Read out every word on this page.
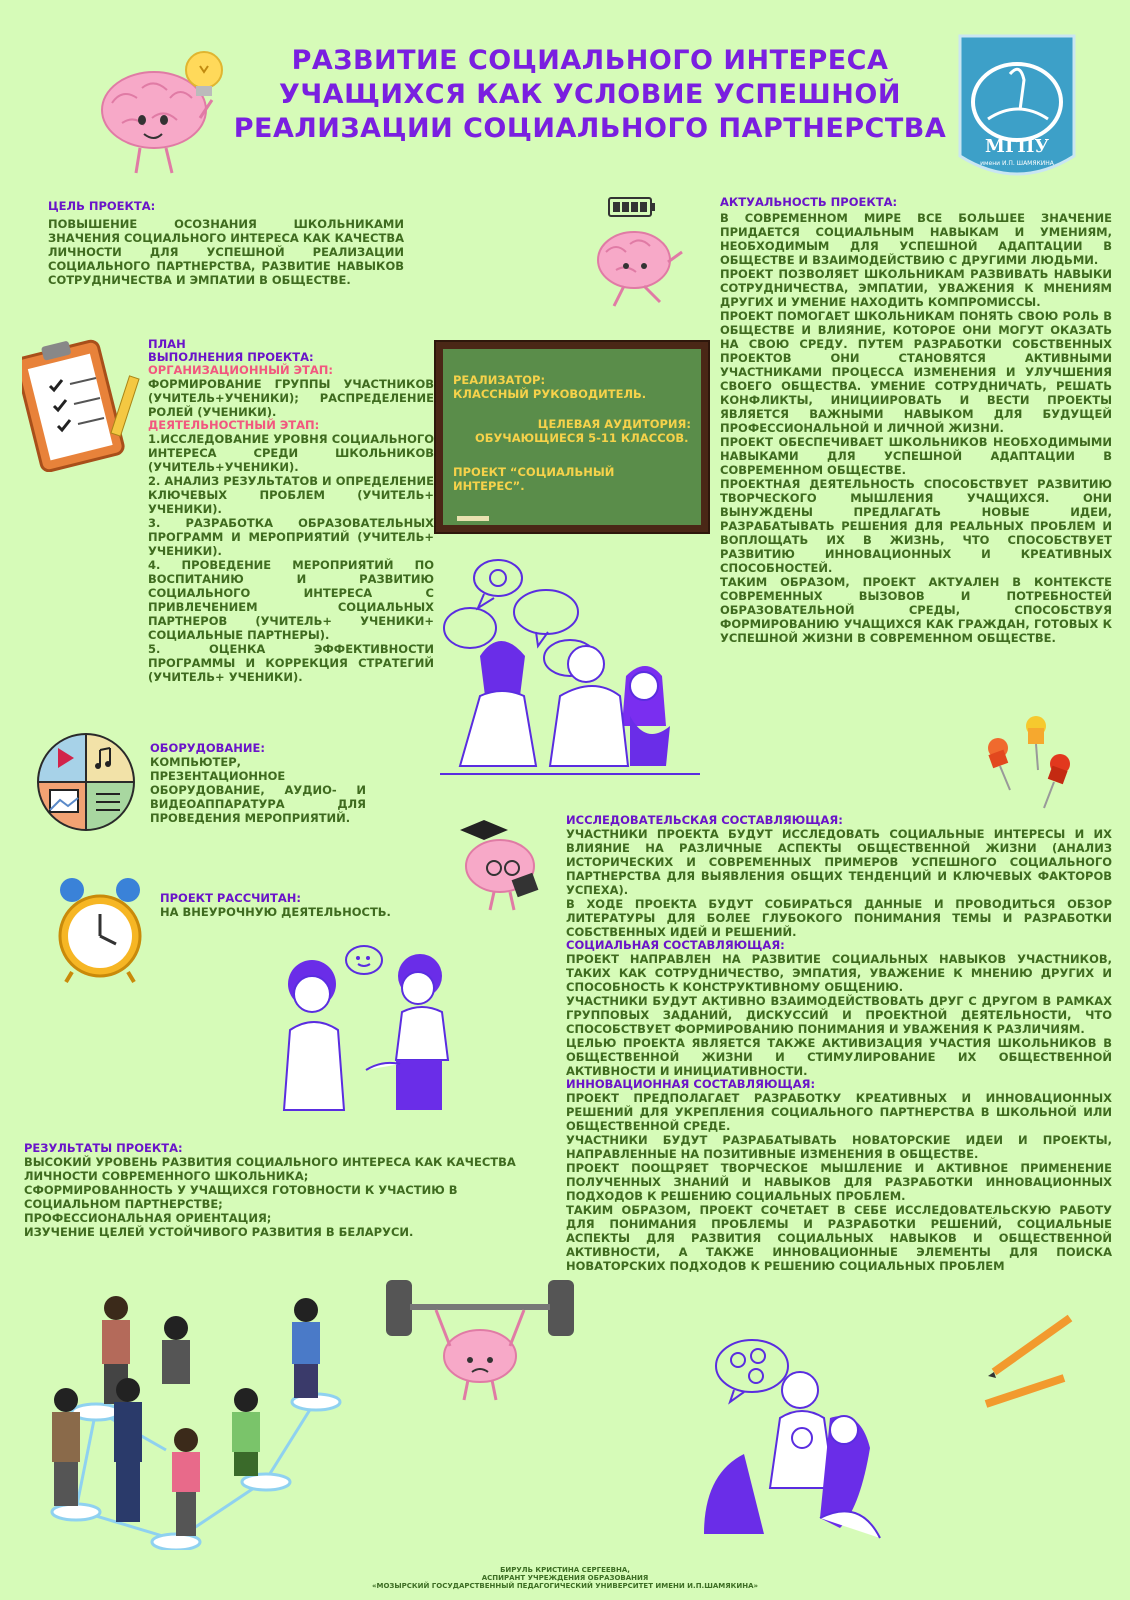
РАЗВИТИЕ СОЦИАЛЬНОГО ИНТЕРЕСА
УЧАЩИХСЯ КАК УСЛОВИЕ УСПЕШНОЙ
РЕАЛИЗАЦИИ СОЦИАЛЬНОГО ПАРТНЕРСТВА
МГПУ
имени И.П. ШАМЯКИНА
ЦЕЛЬ ПРОЕКТА:
ПОВЫШЕНИЕ ОСОЗНАНИЯ ШКОЛЬНИКАМИ ЗНАЧЕНИЯ СОЦИАЛЬНОГО ИНТЕРЕСА КАК КАЧЕСТВА ЛИЧНОСТИ ДЛЯ УСПЕШНОЙ РЕАЛИЗАЦИИ СОЦИАЛЬНОГО ПАРТНЕРСТВА, РАЗВИТИЕ НАВЫКОВ СОТРУДНИЧЕСТВА И ЭМПАТИИ В ОБЩЕСТВЕ.
АКТУАЛЬНОСТЬ ПРОЕКТА:

В СОВРЕМЕННОМ МИРЕ ВСЕ БОЛЬШЕЕ ЗНАЧЕНИЕ ПРИДАЕТСЯ СОЦИАЛЬНЫМ НАВЫКАМ И УМЕНИЯМ, НЕОБХОДИМЫМ ДЛЯ УСПЕШНОЙ АДАПТАЦИИ В ОБЩЕСТВЕ И ВЗАИМОДЕЙСТВИЮ С ДРУГИМИ ЛЮДЬМИ.

ПРОЕКТ ПОЗВОЛЯЕТ ШКОЛЬНИКАМ РАЗВИВАТЬ НАВЫКИ СОТРУДНИЧЕСТВА, ЭМПАТИИ, УВАЖЕНИЯ К МНЕНИЯМ ДРУГИХ И УМЕНИЕ НАХОДИТЬ КОМПРОМИССЫ.

ПРОЕКТ ПОМОГАЕТ ШКОЛЬНИКАМ ПОНЯТЬ СВОЮ РОЛЬ В ОБЩЕСТВЕ И ВЛИЯНИЕ, КОТОРОЕ ОНИ МОГУТ ОКАЗАТЬ НА СВОЮ СРЕДУ. ПУТЕМ РАЗРАБОТКИ СОБСТВЕННЫХ ПРОЕКТОВ ОНИ СТАНОВЯТСЯ АКТИВНЫМИ УЧАСТНИКАМИ ПРОЦЕССА ИЗМЕНЕНИЯ И УЛУЧШЕНИЯ СВОЕГО ОБЩЕСТВА. УМЕНИЕ СОТРУДНИЧАТЬ, РЕШАТЬ КОНФЛИКТЫ, ИНИЦИИРОВАТЬ И ВЕСТИ ПРОЕКТЫ ЯВЛЯЕТСЯ ВАЖНЫМИ НАВЫКОМ ДЛЯ БУДУЩЕЙ ПРОФЕССИОНАЛЬНОЙ И ЛИЧНОЙ ЖИЗНИ.

ПРОЕКТ ОБЕСПЕЧИВАЕТ ШКОЛЬНИКОВ НЕОБХОДИМЫМИ НАВЫКАМИ ДЛЯ УСПЕШНОЙ АДАПТАЦИИ В СОВРЕМЕННОМ ОБЩЕСТВЕ.

ПРОЕКТНАЯ ДЕЯТЕЛЬНОСТЬ СПОСОБСТВУЕТ РАЗВИТИЮ ТВОРЧЕСКОГО МЫШЛЕНИЯ УЧАЩИХСЯ. ОНИ ВЫНУЖДЕНЫ ПРЕДЛАГАТЬ НОВЫЕ ИДЕИ, РАЗРАБАТЫВАТЬ РЕШЕНИЯ ДЛЯ РЕАЛЬНЫХ ПРОБЛЕМ И ВОПЛОЩАТЬ ИХ В ЖИЗНЬ, ЧТО СПОСОБСТВУЕТ РАЗВИТИЮ ИННОВАЦИОННЫХ И КРЕАТИВНЫХ СПОСОБНОСТЕЙ.

ТАКИМ ОБРАЗОМ, ПРОЕКТ АКТУАЛЕН В КОНТЕКСТЕ СОВРЕМЕННЫХ ВЫЗОВОВ И ПОТРЕБНОСТЕЙ ОБРАЗОВАТЕЛЬНОЙ СРЕДЫ, СПОСОБСТВУЯ ФОРМИРОВАНИЮ УЧАЩИХСЯ КАК ГРАЖДАН, ГОТОВЫХ К УСПЕШНОЙ ЖИЗНИ В СОВРЕМЕННОМ ОБЩЕСТВЕ.

ПЛАН
ВЫПОЛНЕНИЯ ПРОЕКТА:
ОРГАНИЗАЦИОННЫЙ ЭТАП:
ФОРМИРОВАНИЕ ГРУППЫ УЧАСТНИКОВ (УЧИТЕЛЬ+УЧЕНИКИ); РАСПРЕДЕЛЕНИЕ РОЛЕЙ (УЧЕНИКИ).
ДЕЯТЕЛЬНОСТНЫЙ ЭТАП:

1.ИССЛЕДОВАНИЕ УРОВНЯ СОЦИАЛЬНОГО ИНТЕРЕСА СРЕДИ ШКОЛЬНИКОВ (УЧИТЕЛЬ+УЧЕНИКИ).

2. АНАЛИЗ РЕЗУЛЬТАТОВ И ОПРЕДЕЛЕНИЕ КЛЮЧЕВЫХ ПРОБЛЕМ (УЧИТЕЛЬ+ УЧЕНИКИ).

3. РАЗРАБОТКА ОБРАЗОВАТЕЛЬНЫХ ПРОГРАММ И МЕРОПРИЯТИЙ (УЧИТЕЛЬ+ УЧЕНИКИ).

4. ПРОВЕДЕНИЕ МЕРОПРИЯТИЙ ПО ВОСПИТАНИЮ И РАЗВИТИЮ СОЦИАЛЬНОГО ИНТЕРЕСА С ПРИВЛЕЧЕНИЕМ СОЦИАЛЬНЫХ ПАРТНЕРОВ (УЧИТЕЛЬ+ УЧЕНИКИ+ СОЦИАЛЬНЫЕ ПАРТНЕРЫ).

5. ОЦЕНКА ЭФФЕКТИВНОСТИ ПРОГРАММЫ И КОРРЕКЦИЯ СТРАТЕГИЙ (УЧИТЕЛЬ+ УЧЕНИКИ).

РЕАЛИЗАТОР:
КЛАССНЫЙ РУКОВОДИТЕЛЬ.
ЦЕЛЕВАЯ АУДИТОРИЯ:
ОБУЧАЮЩИЕСЯ 5-11 КЛАССОВ.
ПРОЕКТ “СОЦИАЛЬНЫЙ
ИНТЕРЕС”.
ОБОРУДОВАНИЕ:
КОМПЬЮТЕР, ПРЕЗЕНТАЦИОННОЕ ОБОРУДОВАНИЕ, АУДИО- И ВИДЕОАППАРАТУРА ДЛЯ ПРОВЕДЕНИЯ МЕРОПРИЯТИЙ.
ПРОЕКТ РАССЧИТАН:
НА ВНЕУРОЧНУЮ ДЕЯТЕЛЬНОСТЬ.
ИССЛЕДОВАТЕЛЬСКАЯ СОСТАВЛЯЮЩАЯ:

УЧАСТНИКИ ПРОЕКТА БУДУТ ИССЛЕДОВАТЬ СОЦИАЛЬНЫЕ ИНТЕРЕСЫ И ИХ ВЛИЯНИЕ НА РАЗЛИЧНЫЕ АСПЕКТЫ ОБЩЕСТВЕННОЙ ЖИЗНИ (АНАЛИЗ ИСТОРИЧЕСКИХ И СОВРЕМЕННЫХ ПРИМЕРОВ УСПЕШНОГО СОЦИАЛЬНОГО ПАРТНЕРСТВА ДЛЯ ВЫЯВЛЕНИЯ ОБЩИХ ТЕНДЕНЦИЙ И КЛЮЧЕВЫХ ФАКТОРОВ УСПЕХА).

В ХОДЕ ПРОЕКТА БУДУТ СОБИРАТЬСЯ ДАННЫЕ И ПРОВОДИТЬСЯ ОБЗОР ЛИТЕРАТУРЫ ДЛЯ БОЛЕЕ ГЛУБОКОГО ПОНИМАНИЯ ТЕМЫ И РАЗРАБОТКИ СОБСТВЕННЫХ ИДЕЙ И РЕШЕНИЙ.

СОЦИАЛЬНАЯ СОСТАВЛЯЮЩАЯ:

ПРОЕКТ НАПРАВЛЕН НА РАЗВИТИЕ СОЦИАЛЬНЫХ НАВЫКОВ УЧАСТНИКОВ, ТАКИХ КАК СОТРУДНИЧЕСТВО, ЭМПАТИЯ, УВАЖЕНИЕ К МНЕНИЮ ДРУГИХ И СПОСОБНОСТЬ К КОНСТРУКТИВНОМУ ОБЩЕНИЮ.

УЧАСТНИКИ БУДУТ АКТИВНО ВЗАИМОДЕЙСТВОВАТЬ ДРУГ С ДРУГОМ В РАМКАХ ГРУППОВЫХ ЗАДАНИЙ, ДИСКУССИЙ И ПРОЕКТНОЙ ДЕЯТЕЛЬНОСТИ, ЧТО СПОСОБСТВУЕТ ФОРМИРОВАНИЮ ПОНИМАНИЯ И УВАЖЕНИЯ К РАЗЛИЧИЯМ.

ЦЕЛЬЮ ПРОЕКТА ЯВЛЯЕТСЯ ТАКЖЕ АКТИВИЗАЦИЯ УЧАСТИЯ ШКОЛЬНИКОВ В ОБЩЕСТВЕННОЙ ЖИЗНИ И СТИМУЛИРОВАНИЕ ИХ ОБЩЕСТВЕННОЙ АКТИВНОСТИ И ИНИЦИАТИВНОСТИ.

ИННОВАЦИОННАЯ СОСТАВЛЯЮЩАЯ:

ПРОЕКТ ПРЕДПОЛАГАЕТ РАЗРАБОТКУ КРЕАТИВНЫХ И ИННОВАЦИОННЫХ РЕШЕНИЙ ДЛЯ УКРЕПЛЕНИЯ СОЦИАЛЬНОГО ПАРТНЕРСТВА В ШКОЛЬНОЙ ИЛИ ОБЩЕСТВЕННОЙ СРЕДЕ.

УЧАСТНИКИ БУДУТ РАЗРАБАТЫВАТЬ НОВАТОРСКИЕ ИДЕИ И ПРОЕКТЫ, НАПРАВЛЕННЫЕ НА ПОЗИТИВНЫЕ ИЗМЕНЕНИЯ В ОБЩЕСТВЕ.

ПРОЕКТ ПООЩРЯЕТ ТВОРЧЕСКОЕ МЫШЛЕНИЕ И АКТИВНОЕ ПРИМЕНЕНИЕ ПОЛУЧЕННЫХ ЗНАНИЙ И НАВЫКОВ ДЛЯ РАЗРАБОТКИ ИННОВАЦИОННЫХ ПОДХОДОВ К РЕШЕНИЮ СОЦИАЛЬНЫХ ПРОБЛЕМ.

ТАКИМ ОБРАЗОМ, ПРОЕКТ СОЧЕТАЕТ В СЕБЕ ИССЛЕДОВАТЕЛЬСКУЮ РАБОТУ ДЛЯ ПОНИМАНИЯ ПРОБЛЕМЫ И РАЗРАБОТКИ РЕШЕНИЙ, СОЦИАЛЬНЫЕ АСПЕКТЫ ДЛЯ РАЗВИТИЯ СОЦИАЛЬНЫХ НАВЫКОВ И ОБЩЕСТВЕННОЙ АКТИВНОСТИ, А ТАКЖЕ ИННОВАЦИОННЫЕ ЭЛЕМЕНТЫ ДЛЯ ПОИСКА НОВАТОРСКИХ ПОДХОДОВ К РЕШЕНИЮ СОЦИАЛЬНЫХ ПРОБЛЕМ

РЕЗУЛЬТАТЫ ПРОЕКТА:

ВЫСОКИЙ УРОВЕНЬ РАЗВИТИЯ СОЦИАЛЬНОГО ИНТЕРЕСА КАК КАЧЕСТВА ЛИЧНОСТИ СОВРЕМЕННОГО ШКОЛЬНИКА;

СФОРМИРОВАННОСТЬ У УЧАЩИХСЯ ГОТОВНОСТИ К УЧАСТИЮ В СОЦИАЛЬНОМ ПАРТНЕРСТВЕ;

ПРОФЕССИОНАЛЬНАЯ ОРИЕНТАЦИЯ;

ИЗУЧЕНИЕ ЦЕЛЕЙ УСТОЙЧИВОГО РАЗВИТИЯ В БЕЛАРУСИ.

БИРУЛЬ КРИСТИНА СЕРГЕЕВНА,
АСПИРАНТ УЧРЕЖДЕНИЯ ОБРАЗОВАНИЯ
«МОЗЫРСКИЙ ГОСУДАРСТВЕННЫЙ ПЕДАГОГИЧЕСКИЙ УНИВЕРСИТЕТ ИМЕНИ И.П.ШАМЯКИНА»
